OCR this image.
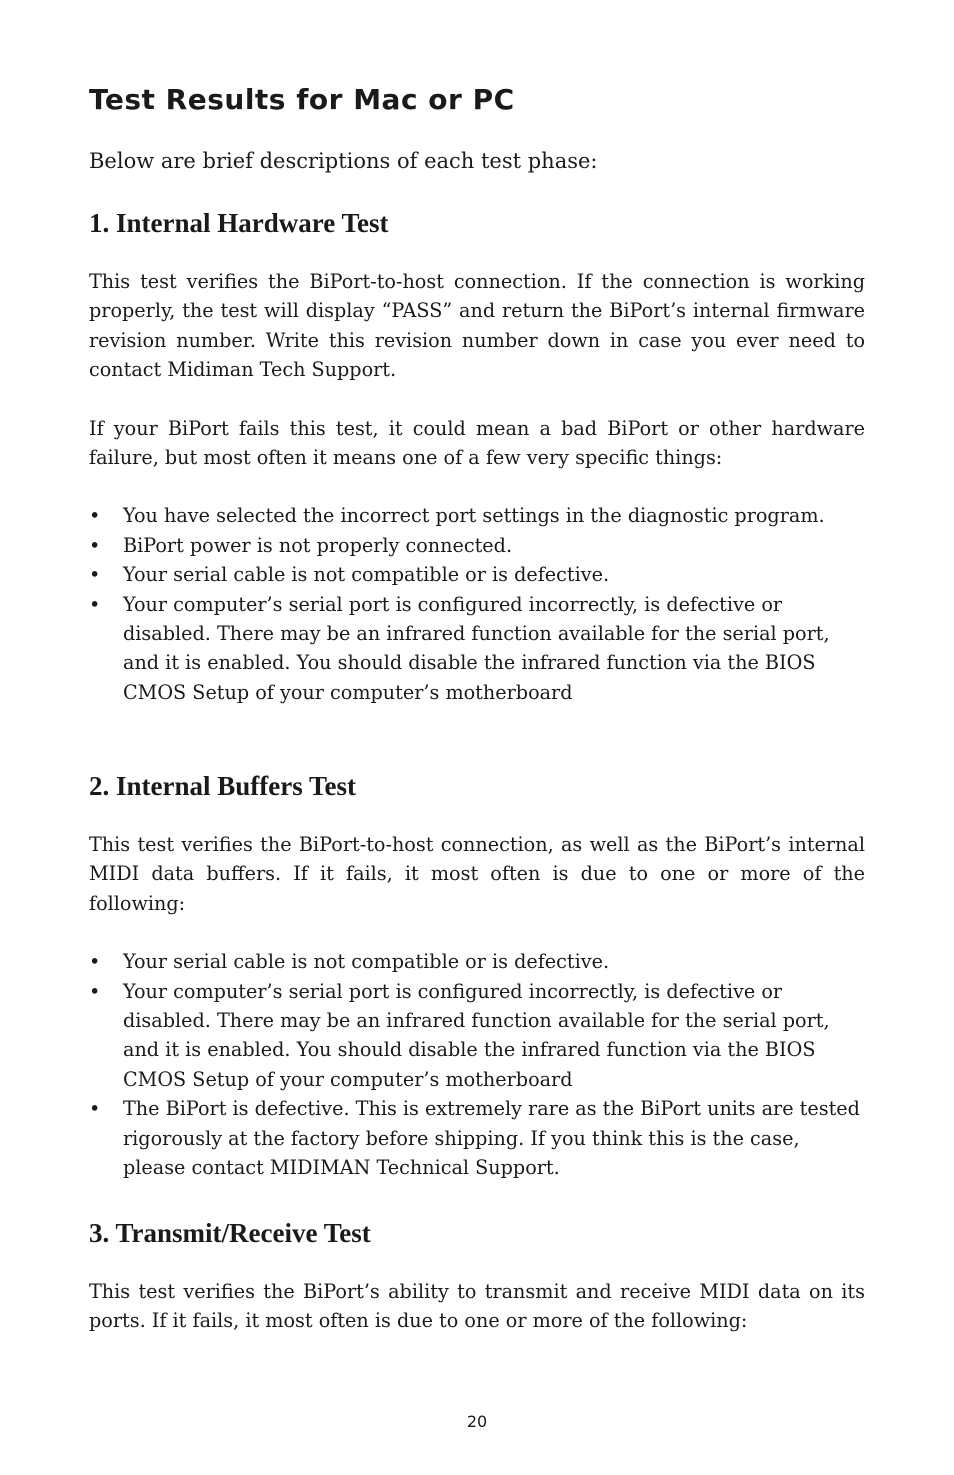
Test Results for Mac or PC

Below are brief descriptions of each test phase:

1. Internal Hardware Test

This test verifies the BiPort-to-host connection. If the connection is working properly, the test will display “PASS” and return the BiPort’s internal firmware revision number. Write this revision number down in case you ever need to contact Midiman Tech Support.

If your BiPort fails this test, it could mean a bad BiPort or other hardware failure, but most often it means one of a few very specific things:

•	You have selected the incorrect port settings in the diagnostic program.
•	BiPort power is not properly connected.
•	Your serial cable is not compatible or is defective.
•	Your computer’s serial port is configured incorrectly, is defective or disabled. There may be an infrared function available for the serial port, and it is enabled. You should disable the infrared function via the BIOS CMOS Setup of your computer’s motherboard
2. Internal Buffers Test

This test verifies the BiPort-to-host connection, as well as the BiPort’s internal MIDI data buffers. If it fails, it most often is due to one or more of the following:

•	Your serial cable is not compatible or is defective.
•	Your computer’s serial port is configured incorrectly, is defective or disabled. There may be an infrared function available for the serial port, and it is enabled. You should disable the infrared function via the BIOS CMOS Setup of your computer’s motherboard
•	The BiPort is defective. This is extremely rare as the BiPort units are tested rigorously at the factory before shipping. If you think this is the case, please contact MIDIMAN Technical Support.
3. Transmit/Receive Test

This test verifies the BiPort’s ability to transmit and receive MIDI data on its ports. If it fails, it most often is due to one or more of the following:

20
